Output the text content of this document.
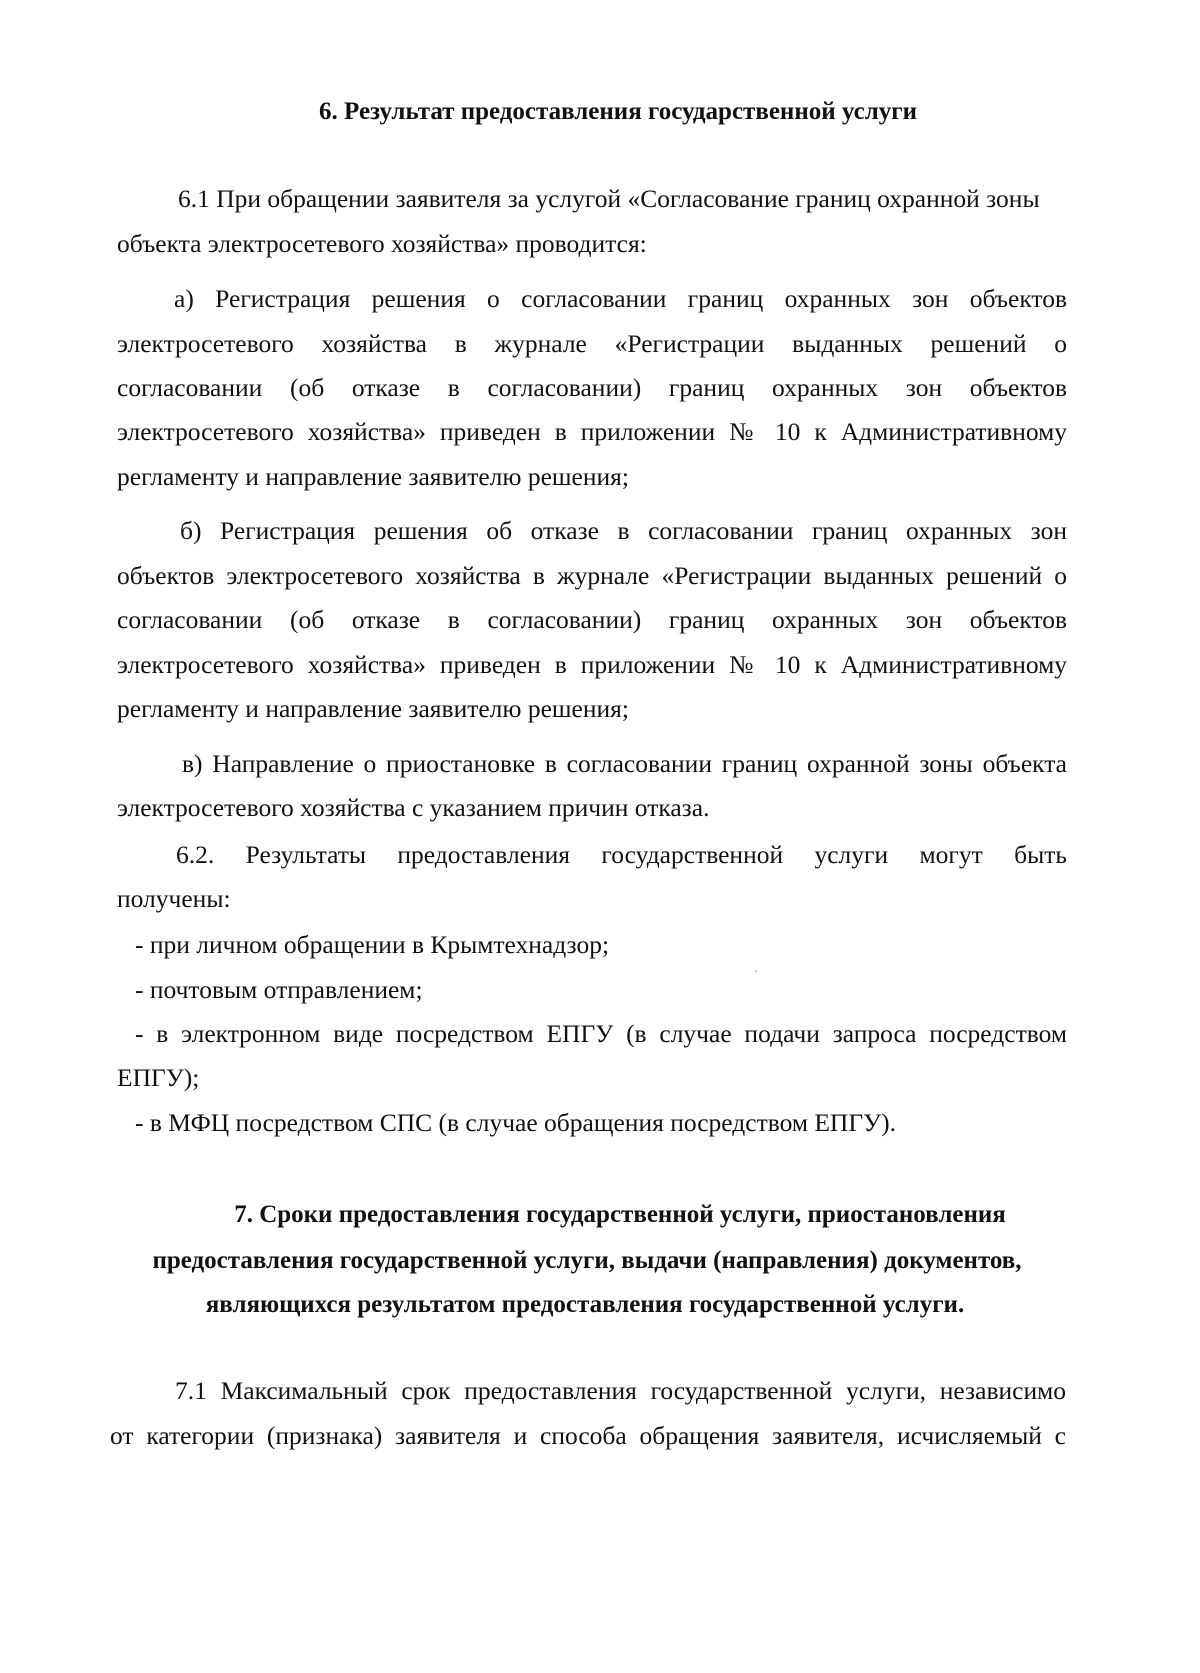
6. Результат предоставления государственной услуги

6.1 При обращении заявителя за услугой «Согласование границ охранной зоны

объекта электросетевого хозяйства» проводится:

а) Регистрация решения о согласовании границ охранных зон объектов

электросетевого хозяйства в журнале «Регистрации выданных решений о

согласовании (об отказе в согласовании) границ охранных зон объектов

электросетевого хозяйства» приведен в приложении № 10 к Административному

регламенту и направление заявителю решения;

б) Регистрация решения об отказе в согласовании границ охранных зон

объектов электросетевого хозяйства в журнале «Регистрации выданных решений о

согласовании (об отказе в согласовании) границ охранных зон объектов

электросетевого хозяйства» приведен в приложении № 10 к Административному

регламенту и направление заявителю решения;

в) Направление о приостановке в согласовании границ охранной зоны объекта

электросетевого хозяйства с указанием причин отказа.

6.2. Результаты предоставления государственной услуги могут быть

получены:

- при личном обращении в Крымтехнадзор;

- почтовым отправлением;

- в электронном виде посредством ЕПГУ (в случае подачи запроса посредством

ЕПГУ);

- в МФЦ посредством СПС (в случае обращения посредством ЕПГУ).

7. Сроки предоставления государственной услуги, приостановления
предоставления государственной услуги, выдачи (направления) документов,
являющихся результатом предоставления государственной услуги.

7.1 Максимальный срок предоставления государственной услуги, независимо

от категории (признака) заявителя и способа обращения заявителя, исчисляемый с
